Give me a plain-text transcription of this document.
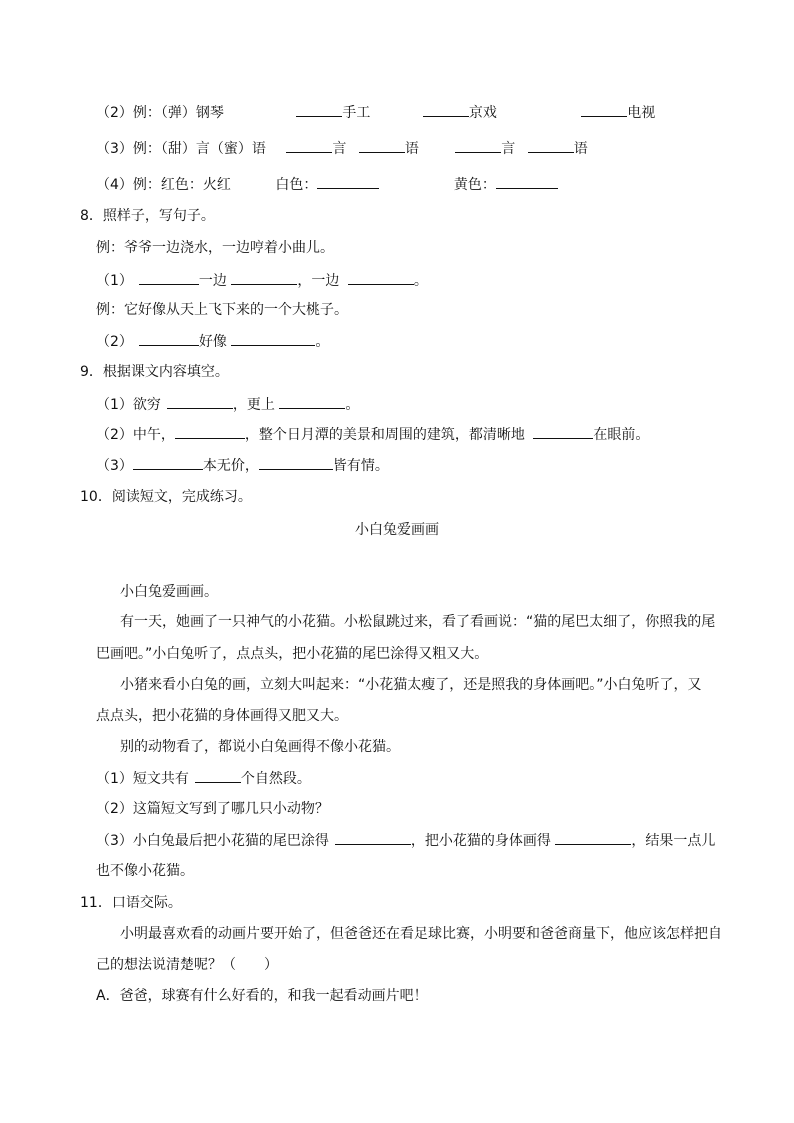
（2）例：（弹）钢琴	手工	京戏	电视
（3）例：（甜）言（蜜）语	言	语	言	语
（4）例：红色：火红	白色：	黄色：
8．照样子，写句子。
例：爷爷一边浇水，一边哼着小曲儿。
（1）	一边	，一边	。
例：它好像从天上飞下来的一个大桃子。
（2）	好像	。
9．根据课文内容填空。
（1）欲穷	，更上	。
（2）中午，	，整个日月潭的美景和周围的建筑，都清晰地	在眼前。
（3）	本无价，	皆有情。
10．阅读短文，完成练习。
小白兔爱画画
小白兔爱画画。
有一天，她画了一只神气的小花猫。小松鼠跳过来，看了看画说：“猫的尾巴太细了，你照我的尾
巴画吧。”小白兔听了，点点头，把小花猫的尾巴涂得又粗又大。
小猪来看小白兔的画，立刻大叫起来：“小花猫太瘦了，还是照我的身体画吧。”小白兔听了，又
点点头，把小花猫的身体画得又肥又大。
别的动物看了，都说小白兔画得不像小花猫。
（1）短文共有	个自然段。
（2）这篇短文写到了哪几只小动物？
（3）小白兔最后把小花猫的尾巴涂得	，把小花猫的身体画得	，结果一点儿
也不像小花猫。
11．口语交际。
小明最喜欢看的动画片要开始了，但爸爸还在看足球比赛，小明要和爸爸商量下，他应该怎样把自
己的想法说清楚呢？（　　）
A．爸爸，球赛有什么好看的，和我一起看动画片吧！
